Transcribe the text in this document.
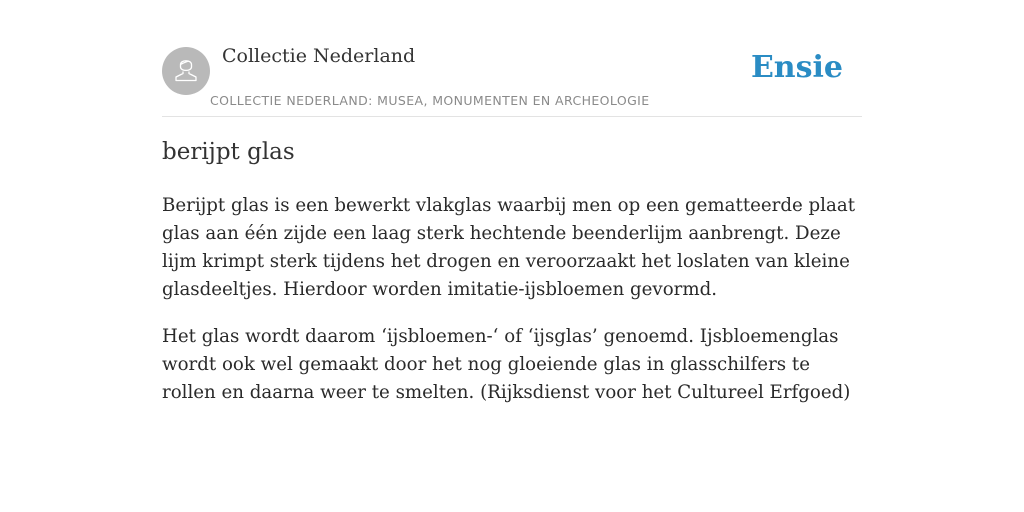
Collectie Nederland
COLLECTIE NEDERLAND: MUSEA, MONUMENTEN EN ARCHEOLOGIE
Ensie
berijpt glas

Berijpt glas is een bewerkt vlakglas waarbij men op een gematteerde plaat glas aan één zijde een laag sterk hechtende beenderlijm aanbrengt. Deze lijm krimpt sterk tijdens het drogen en veroorzaakt het loslaten van kleine glasdeeltjes. Hierdoor worden imitatie-ijsbloemen gevormd.

Het glas wordt daarom ‘ijsbloemen-‘ of ‘ijsglas’ genoemd. Ijsbloemenglas wordt ook wel gemaakt door het nog gloeiende glas in glasschilfers te rollen en daarna weer te smelten. (Rijksdienst voor het Cultureel Erfgoed)
